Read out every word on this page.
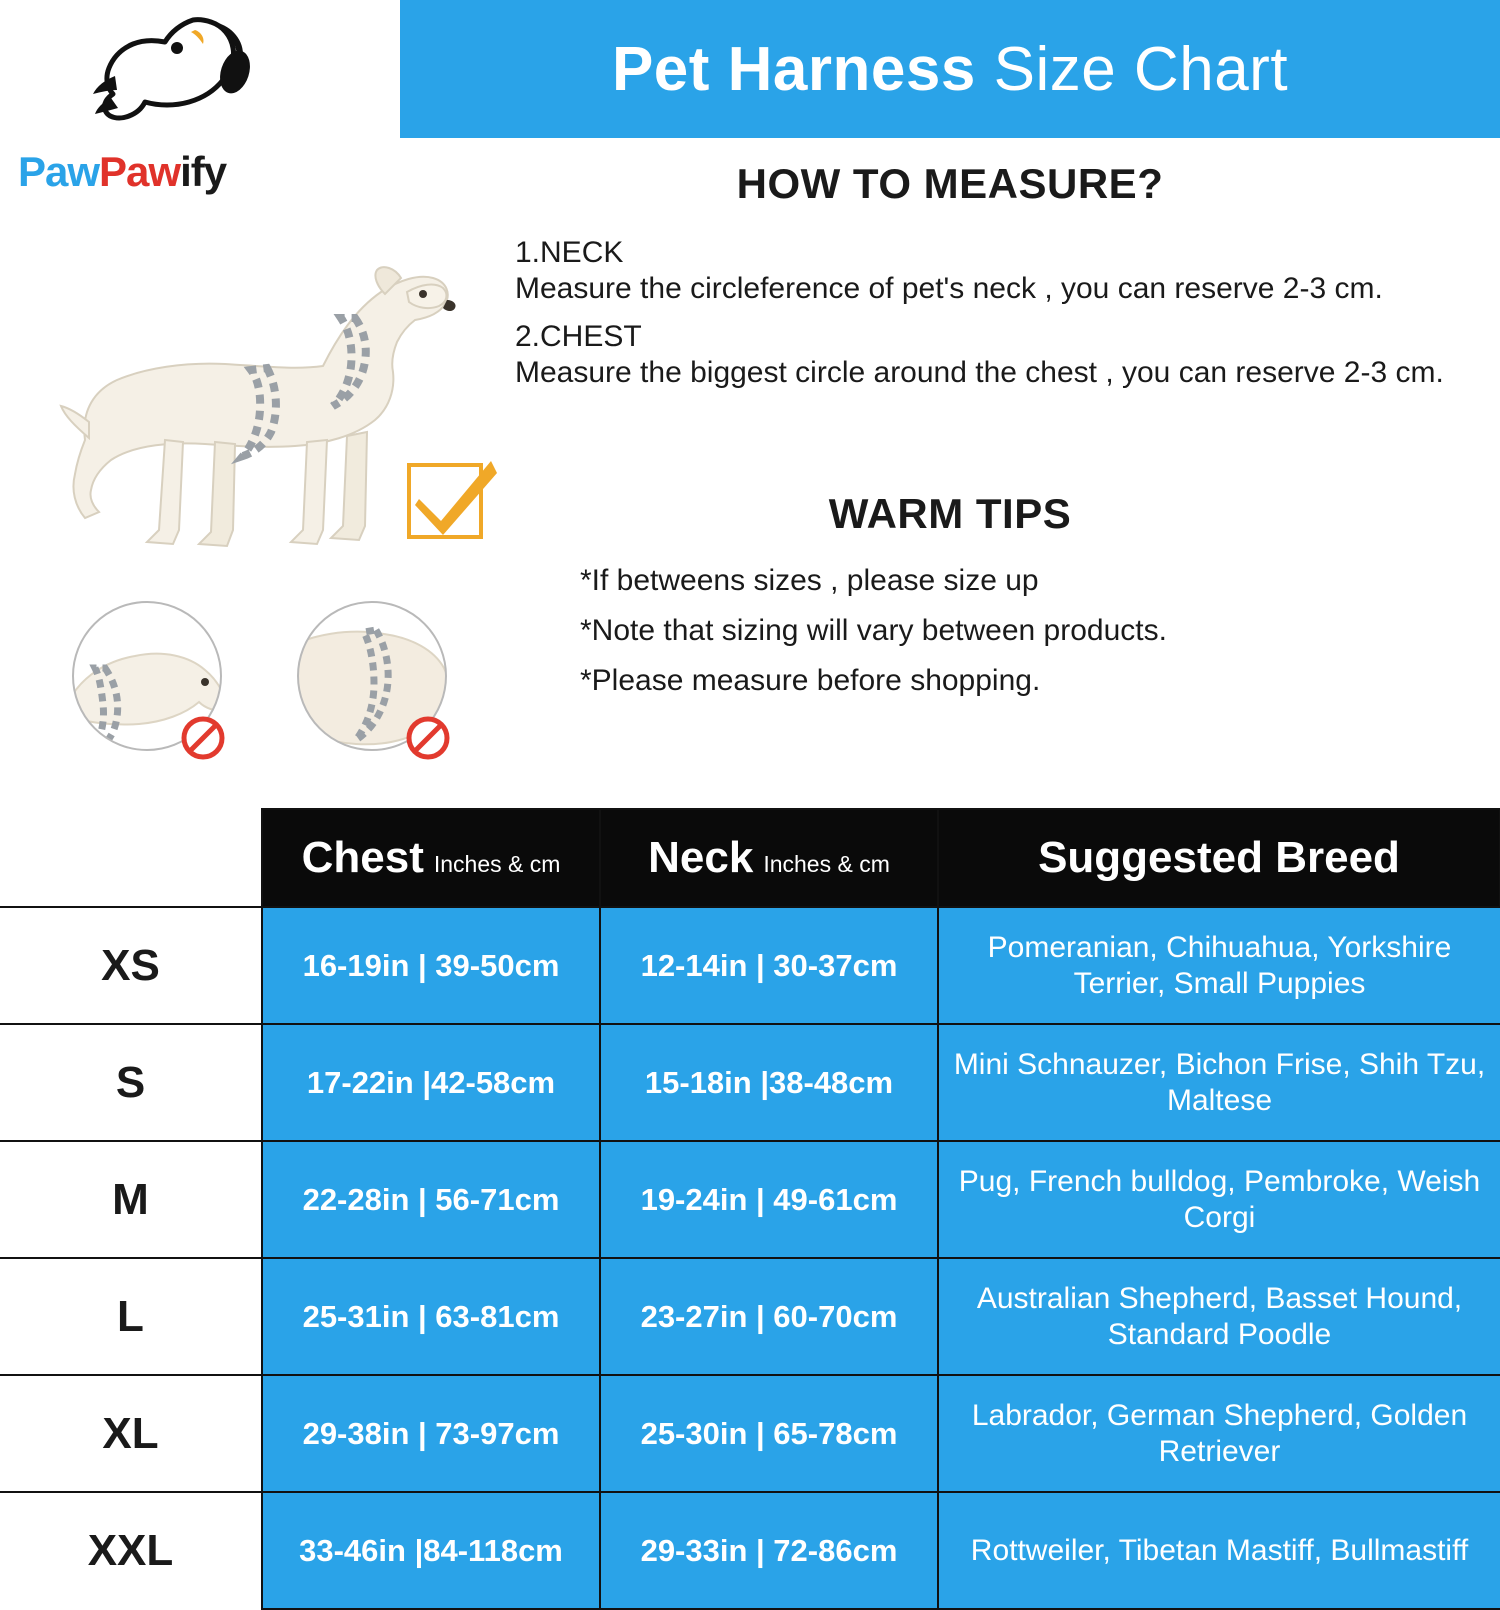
Pet Harness Size Chart
PawPawify	HOW TO MEASURE?
1.NECK
Measure the circleference of pet's neck , you can reserve 2-3 cm.
2.CHEST
Measure the biggest circle around the chest , you can reserve 2-3 cm.
WARM TIPS
*If betweens sizes , please size up
*Note that sizing will vary between products.
*Please measure before shopping.
	Chest Inches & cm	Neck Inches & cm	Suggested Breed
XS	16-19in | 39-50cm	12-14in | 30-37cm	Pomeranian, Chihuahua, Yorkshire Terrier, Small Puppies
S	17-22in |42-58cm	15-18in |38-48cm	Mini Schnauzer, Bichon Frise, Shih Tzu, Maltese
M	22-28in | 56-71cm	19-24in | 49-61cm	Pug, French bulldog, Pembroke, Weish Corgi
L	25-31in | 63-81cm	23-27in | 60-70cm	Australian Shepherd, Basset Hound, Standard Poodle
XL	29-38in | 73-97cm	25-30in | 65-78cm	Labrador, German Shepherd, Golden Retriever
XXL	33-46in |84-118cm	29-33in | 72-86cm	Rottweiler, Tibetan Mastiff, Bullmastiff
